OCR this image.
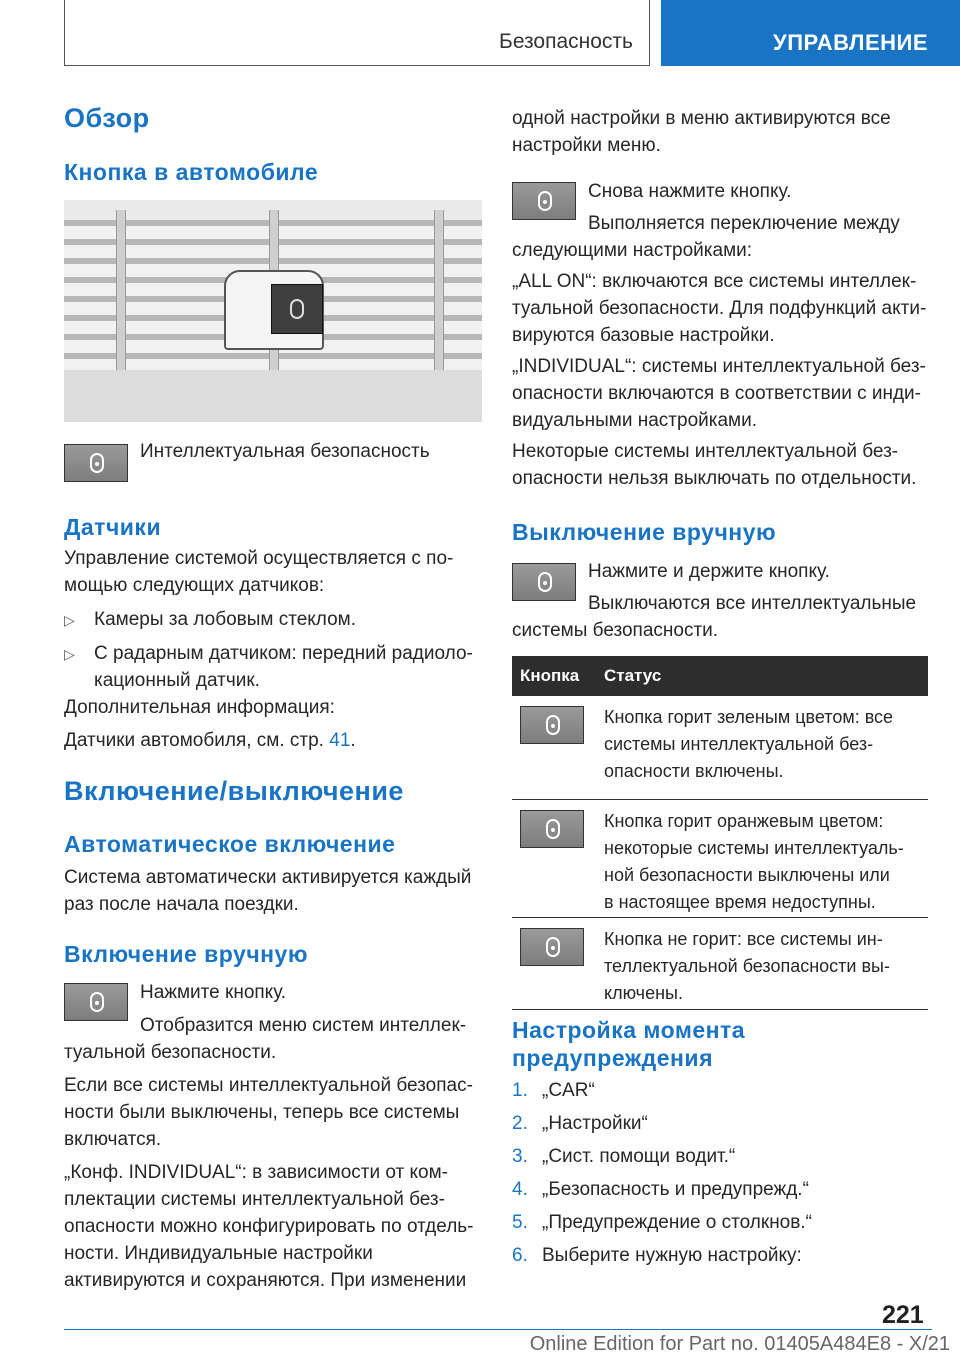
Безопасность	УПРАВЛЕНИЕ
Обзор
Кнопка в автомобиле
Интеллектуальная безопасность
Датчики
Управление системой осуществляется с по-
мощью следующих датчиков:
▷ Камеры за лобовым стеклом.
▷ С радарным датчиком: передний радиоло-
кационный датчик.
Дополнительная информация:
Датчики автомобиля, см. стр. 41.
Включение/выключение
Автоматическое включение
Система автоматически активируется каждый
раз после начала поездки.
Включение вручную
Нажмите кнопку.
Отобразится меню систем интеллек-
туальной безопасности.
Если все системы интеллектуальной безопас-
ности были выключены, теперь все системы
включатся.
„Конф. INDIVIDUAL“: в зависимости от ком-
плектации системы интеллектуальной без-
опасности можно конфигурировать по отдель-
ности. Индивидуальные настройки
активируются и сохраняются. При изменении
одной настройки в меню активируются все
настройки меню.
Снова нажмите кнопку.
Выполняется переключение между
следующими настройками:
„ALL ON“: включаются все системы интеллек-
туальной безопасности. Для подфункций акти-
вируются базовые настройки.
„INDIVIDUAL“: системы интеллектуальной без-
опасности включаются в соответствии с инди-
видуальными настройками.
Некоторые системы интеллектуальной без-
опасности нельзя выключать по отдельности.
Выключение вручную
Нажмите и держите кнопку.
Выключаются все интеллектуальные
системы безопасности.
Кнопка Статус
Кнопка горит зеленым цветом: все
системы интеллектуальной без-
опасности включены.
Кнопка горит оранжевым цветом:
некоторые системы интеллектуаль-
ной безопасности выключены или
в настоящее время недоступны.
Кнопка не горит: все системы ин-
теллектуальной безопасности вы-
ключены.
Настройка момента
предупреждения
1. „CAR“
2. „Настройки“
3. „Сист. помощи водит.“
4. „Безопасность и предупрежд.“
5. „Предупреждение о столкнов.“
6. Выберите нужную настройку:
221
Online Edition for Part no. 01405A484E8 - X/21
